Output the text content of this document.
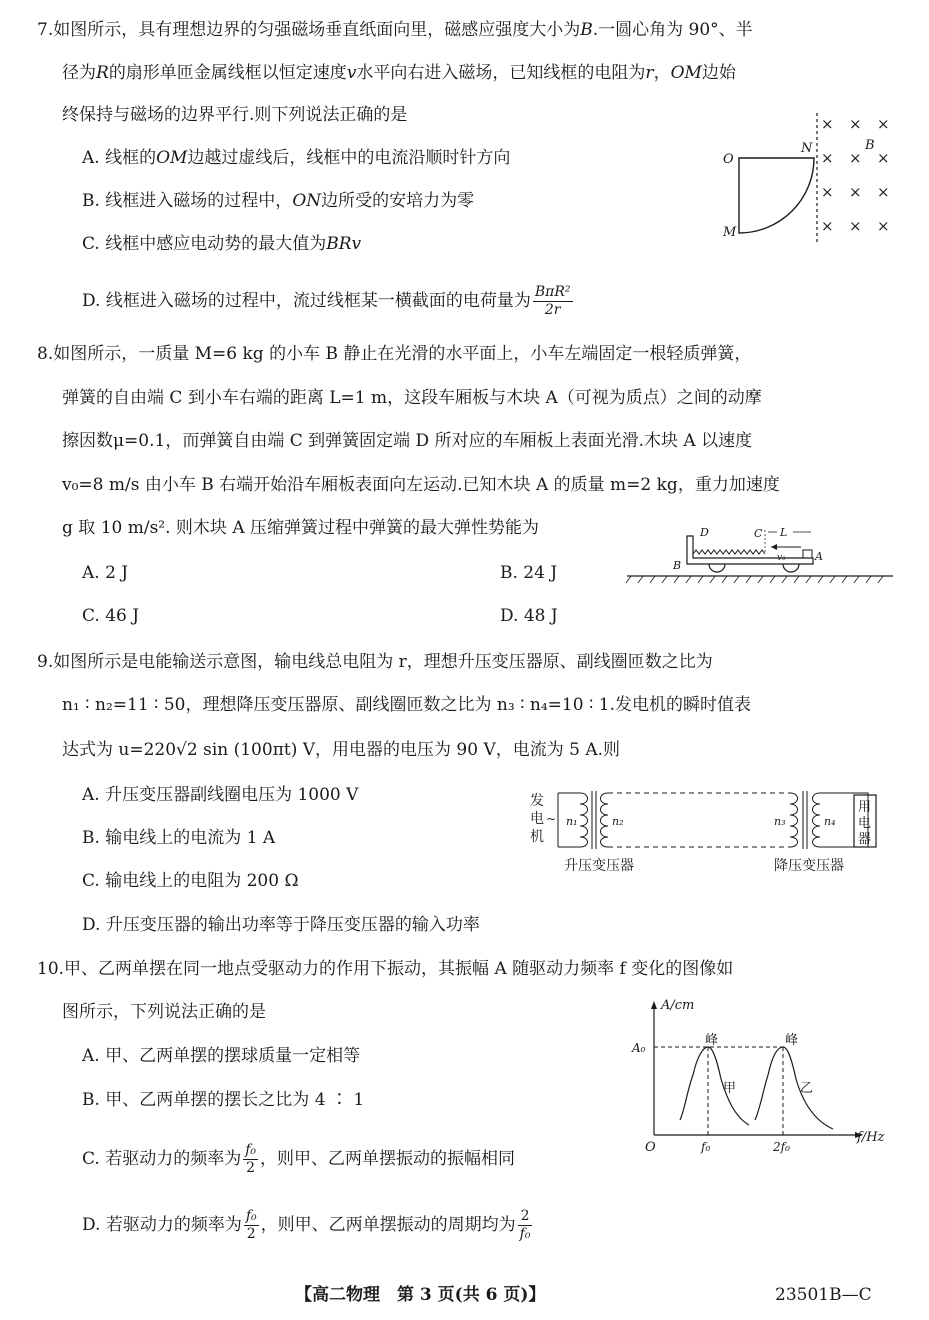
7.如图所示，具有理想边界的匀强磁场垂直纸面向里，磁感应强度大小为B.一圆心角为 90°、半
径为R的扇形单匝金属线框以恒定速度v水平向右进入磁场，已知线框的电阻为r，OM边始
终保持与磁场的边界平行.则下列说法正确的是
A. 线框的OM边越过虚线后，线框中的电流沿顺时针方向
B. 线框进入磁场的过程中，ON边所受的安培力为零
C. 线框中感应电动势的最大值为BRv
D. 线框进入磁场的过程中，流过线框某一横截面的电荷量为 $\frac{\text{BπR²}}{2r}$
O
N
M
B
× × ×
× × ×
× × ×
× × ×
8.如图所示，一质量 M=6 kg 的小车 B 静止在光滑的水平面上，小车左端固定一根轻质弹簧，
弹簧的自由端 C 到小车右端的距离 L=1 m，这段车厢板与木块 A（可视为质点）之间的动摩
擦因数μ=0.1，而弹簧自由端 C 到弹簧固定端 D 所对应的车厢板上表面光滑.木块 A 以速度
v₀=8 m/s 由小车 B 右端开始沿车厢板表面向左运动.已知木块 A 的质量 m=2 kg，重力加速度
g 取 10 m/s². 则木块 A 压缩弹簧过程中弹簧的最大弹性势能为
A. 2 J	B. 24 J
C. 46 J	D. 48 J
D	C L
v₀	A
B
9.如图所示是电能输送示意图，输电线总电阻为 r，理想升压变压器原、副线圈匝数之比为
n₁ ∶ n₂=11 ∶ 50，理想降压变压器原、副线圈匝数之比为 n₃ ∶ n₄=10 ∶ 1.发电机的瞬时值表
达式为 u=220√2 sin (100πt) V，用电器的电压为 90 V，电流为 5 A.则
A. 升压变压器副线圈电压为 1000 V
B. 输电线上的电流为 1 A
C. 输电线上的电阻为 200 Ω
D. 升压变压器的输出功率等于降压变压器的输入功率
发
电
机
~
用
电
器
n₁	n₂	n₃	n₄
升压变压器	降压变压器
10.甲、乙两单摆在同一地点受驱动力的作用下振动，其振幅 A 随驱动力频率 f 变化的图像如
图所示，下列说法正确的是
A. 甲、乙两单摆的摆球质量一定相等
B. 甲、乙两单摆的摆长之比为 4 ∶ 1
C. 若驱动力的频率为 $\frac{\text{f₀}}{2}$ ，则甲、乙两单摆振动的振幅相同
D. 若驱动力的频率为 $\frac{\text{f₀}}{2}$ ，则甲、乙两单摆振动的周期均为 $\frac{2}{\text{f₀}}$
A/cm
A₀	峰	峰
甲	乙
O	f₀	2f₀
f/Hz
【高二物理　第 3 页(共 6 页)】	23501B—C
